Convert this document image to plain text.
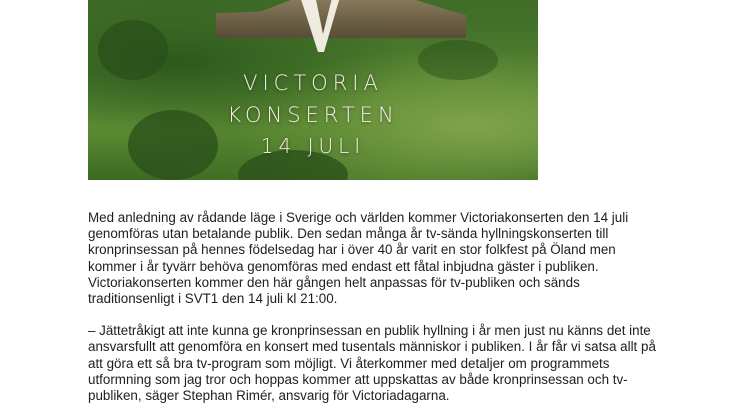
VICTORIA
KONSERTEN
14 JULI

Med anledning av rådande läge i Sverige och världen kommer Victoriakonserten den 14 juli genomföras utan betalande publik. Den sedan många år tv-sända hyllningskonserten till kronprinsessan på hennes födelsedag har i över 40 år varit en stor folkfest på Öland men kommer i år tyvärr behöva genomföras med endast ett fåtal inbjudna gäster i publiken. Victoriakonserten kommer den här gången helt anpassas för tv-publiken och sänds traditionsenligt i SVT1 den 14 juli kl 21:00.

– Jättetråkigt att inte kunna ge kronprinsessan en publik hyllning i år men just nu känns det inte ansvarsfullt att genomföra en konsert med tusentals människor i publiken. I år får vi satsa allt på att göra ett så bra tv-program som möjligt. Vi återkommer med detaljer om programmets utformning som jag tror och hoppas kommer att uppskattas av både kronprinsessan och tv-publiken, säger Stephan Rimér, ansvarig för Victoriadagarna.
